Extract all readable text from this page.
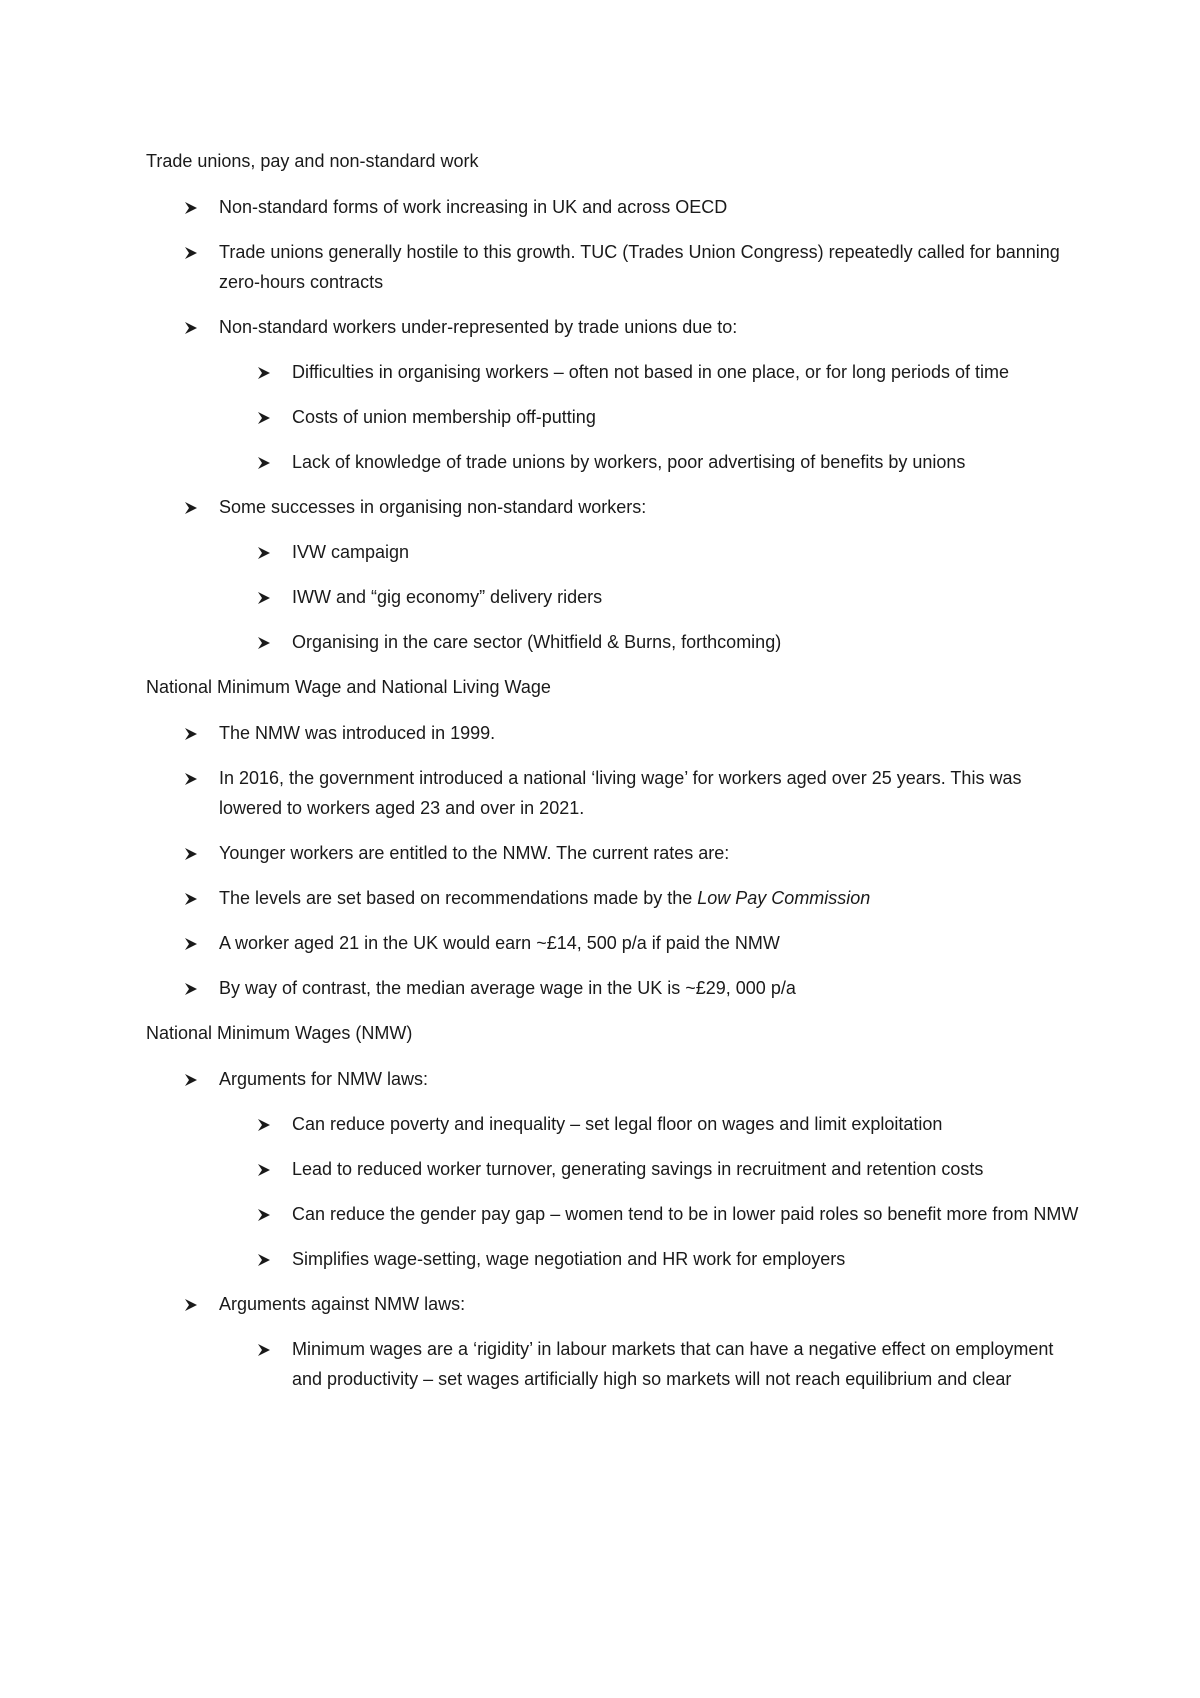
Trade unions, pay and non-standard work
Non-standard forms of work increasing in UK and across OECD
Trade unions generally hostile to this growth. TUC (Trades Union Congress) repeatedly called for banning zero-hours contracts
Non-standard workers under-represented by trade unions due to:
Difficulties in organising workers – often not based in one place, or for long periods of time
Costs of union membership off-putting
Lack of knowledge of trade unions by workers, poor advertising of benefits by unions
Some successes in organising non-standard workers:
IVW campaign
IWW and “gig economy” delivery riders
Organising in the care sector (Whitfield & Burns, forthcoming)
National Minimum Wage and National Living Wage
The NMW was introduced in 1999.
In 2016, the government introduced a national ‘living wage’ for workers aged over 25 years. This was lowered to workers aged 23 and over in 2021.
Younger workers are entitled to the NMW. The current rates are:
The levels are set based on recommendations made by the Low Pay Commission
A worker aged 21 in the UK would earn ~£14, 500 p/a if paid the NMW
By way of contrast, the median average wage in the UK is ~£29, 000 p/a
National Minimum Wages (NMW)
Arguments for NMW laws:
Can reduce poverty and inequality – set legal floor on wages and limit exploitation
Lead to reduced worker turnover, generating savings in recruitment and retention costs
Can reduce the gender pay gap – women tend to be in lower paid roles so benefit more from NMW
Simplifies wage-setting, wage negotiation and HR work for employers
Arguments against NMW laws:
Minimum wages are a ‘rigidity’ in labour markets that can have a negative effect on employment and productivity – set wages artificially high so markets will not reach equilibrium and clear
